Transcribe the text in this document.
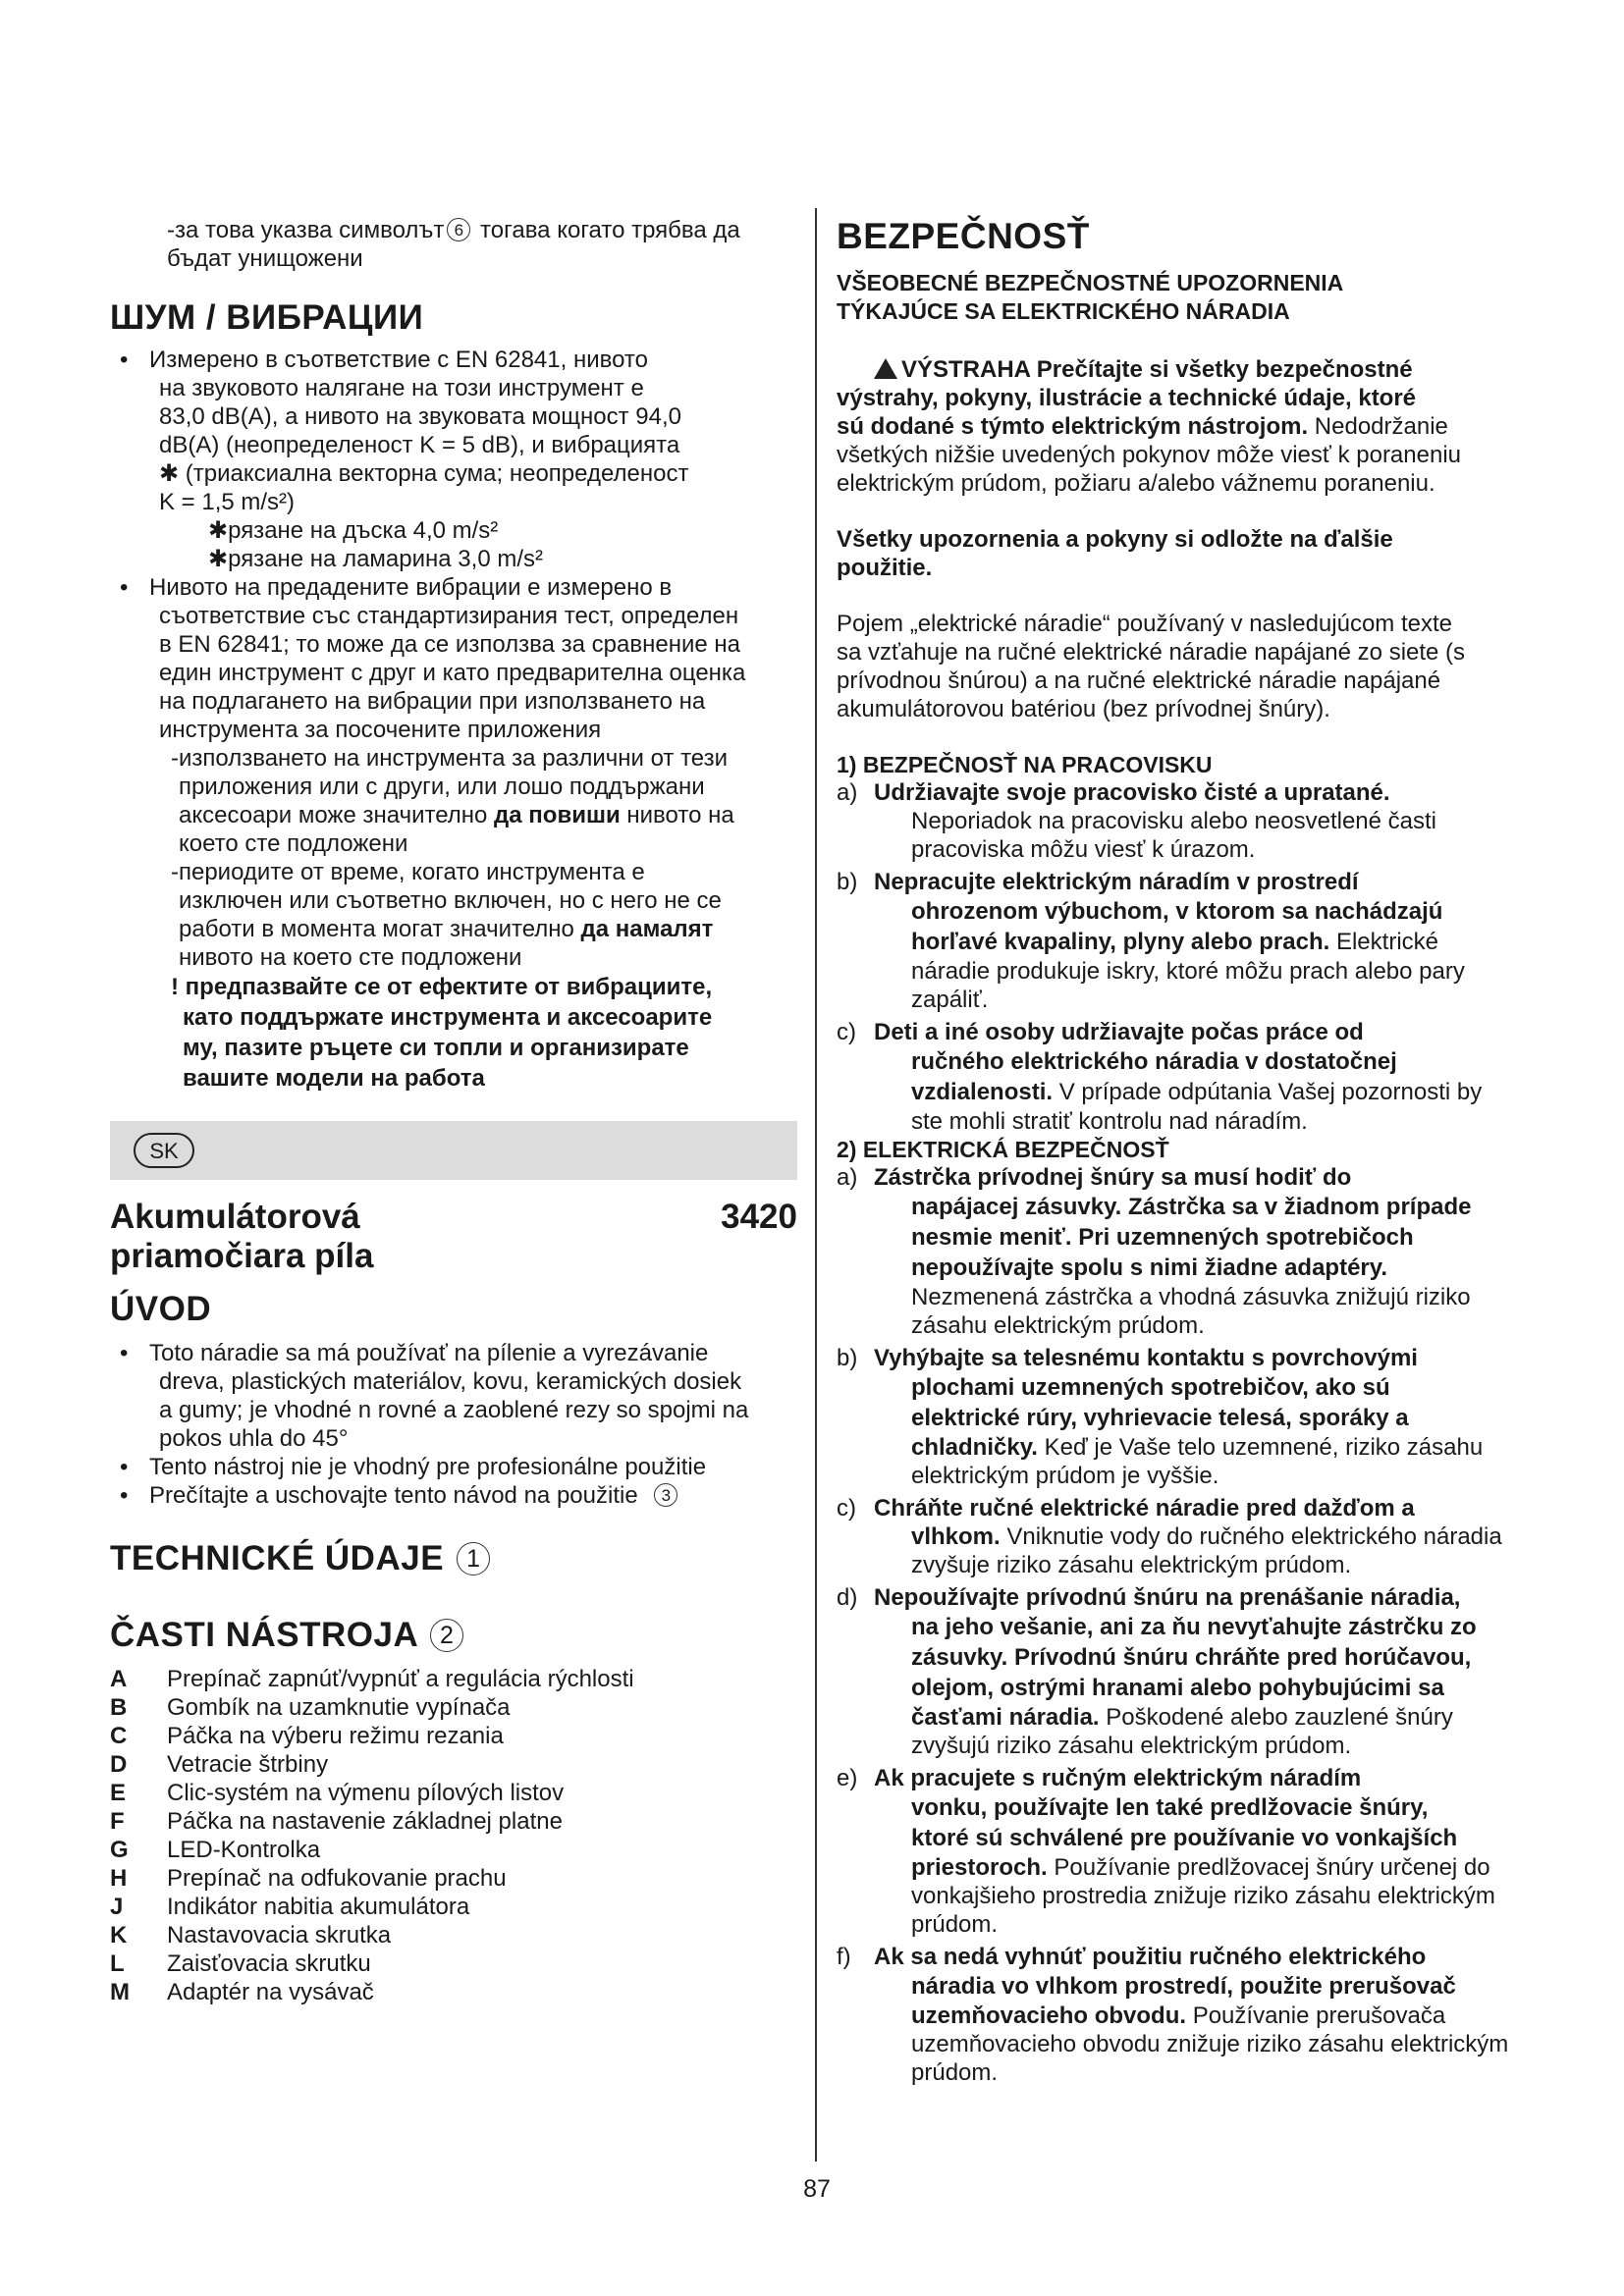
-за това указва символът 6 тогава когато трябва да
бъдат унищожени

ШУМ / ВИБРАЦИИ
• Измерено в съответствие с EN 62841, нивото
на звуковото налягане на този инструмент е
83,0 dB(A), а нивото на звуковата мощност 94,0
dB(A) (неопределеност K = 5 dB), и вибрацията
✱ (триаксиална векторна сума; неопределеност
K = 1,5 m/s²)
✱рязане на дъска 4,0 m/s²
✱рязане на ламарина 3,0 m/s²
• Нивото на предадените вибрации е измерено в
съответствие със стандартизирания тест, определен
в EN 62841; то може да се използва за сравнение на
един инструмент с друг и като предварителна оценка
на подлагането на вибрации при използването на
инструмента за посочените приложения
-използването на инструмента за различни от тези
приложения или с други, или лошо поддържани
аксесоари може значително да повиши нивото на
което сте подложени
-периодите от време, когато инструмента е
изключен или съответно включен, но с него не се
работи в момента могат значително да намалят
нивото на което сте подложени
! предпазвайте се от ефектите от вибрациите,
като поддържате инструмента и аксесоарите
му, пазите ръцете си топли и организирате
вашите модели на работа
SK
Akumulátorová
priamočiara píla
3420
ÚVOD
• Toto náradie sa má používať na pílenie a vyrezávanie
dreva, plastických materiálov, kovu, keramických dosiek
a gumy; je vhodné n rovné a zaoblené rezy so spojmi na
pokos uhla do 45°
• Tento nástroj nie je vhodný pre profesionálne použitie
• Prečítajte a uschovajte tento návod na použitie 3
TECHNICKÉ ÚDAJE 1
ČASTI NÁSTROJA 2
A	Prepínač zapnúť/vypnúť a regulácia rýchlosti
B	Gombík na uzamknutie vypínača
C	Páčka na výberu režimu rezania
D	Vetracie štrbiny
E	Clic-systém na výmenu pílových listov
F	Páčka na nastavenie základnej platne
G	LED-Kontrolka
H	Prepínač na odfukovanie prachu
J	Indikátor nabitia akumulátora
K	Nastavovacia skrutka
L	Zaisťovacia skrutku
M	Adaptér na vysávač
BEZPEČNOSŤ
VŠEOBECNÉ BEZPEČNOSTNÉ UPOZORNENIA
TÝKAJÚCE SA ELEKTRICKÉHO NÁRADIA

VÝSTRAHA Prečítajte si všetky bezpečnostné
výstrahy, pokyny, ilustrácie a technické údaje, ktoré
sú dodané s týmto elektrickým nástrojom. Nedodržanie
všetkých nižšie uvedených pokynov môže viesť k poraneniu
elektrickým prúdom, požiaru a/alebo vážnemu poraneniu.

Všetky upozornenia a pokyny si odložte na ďalšie
použitie.

Pojem „elektrické náradie“ používaný v nasledujúcom texte
sa vzťahuje na ručné elektrické náradie napájané zo siete (s
prívodnou šnúrou) a na ručné elektrické náradie napájané
akumulátorovou batériou (bez prívodnej šnúry).

1) BEZPEČNOSŤ NA PRACOVISKU
a) Udržiavajte svoje pracovisko čisté a upratané.

Neporiadok na pracovisku alebo neosvetlené časti
pracoviska môžu viesť k úrazom.
b) Nepracujte elektrickým náradím v prostredí
ohrozenom výbuchom, v ktorom sa nachádzajú
horľavé kvapaliny, plyny alebo prach. Elektrické
náradie produkuje iskry, ktoré môžu prach alebo pary
zapáliť.
c) Deti a iné osoby udržiavajte počas práce od
ručného elektrického náradia v dostatočnej
vzdialenosti. V prípade odpútania Vašej pozornosti by
ste mohli stratiť kontrolu nad náradím.
2) ELEKTRICKÁ BEZPEČNOSŤ
a) Zástrčka prívodnej šnúry sa musí hodiť do
napájacej zásuvky. Zástrčka sa v žiadnom prípade
nesmie meniť. Pri uzemnených spotrebičoch
nepoužívajte spolu s nimi žiadne adaptéry.
Nezmenená zástrčka a vhodná zásuvka znižujú riziko
zásahu elektrickým prúdom.
b) Vyhýbajte sa telesnému kontaktu s povrchovými
plochami uzemnených spotrebičov, ako sú
elektrické rúry, vyhrievacie telesá, sporáky a
chladničky. Keď je Vaše telo uzemnené, riziko zásahu
elektrickým prúdom je vyššie.
c) Chráňte ručné elektrické náradie pred dažďom a
vlhkom. Vniknutie vody do ručného elektrického náradia
zvyšuje riziko zásahu elektrickým prúdom.
d) Nepoužívajte prívodnú šnúru na prenášanie náradia,
na jeho vešanie, ani za ňu nevyťahujte zástrčku zo
zásuvky. Prívodnú šnúru chráňte pred horúčavou,
olejom, ostrými hranami alebo pohybujúcimi sa
časťami náradia. Poškodené alebo zauzlené šnúry
zvyšujú riziko zásahu elektrickým prúdom.
e) Ak pracujete s ručným elektrickým náradím
vonku, používajte len také predlžovacie šnúry,
ktoré sú schválené pre používanie vo vonkajších
priestoroch. Používanie predlžovacej šnúry určenej do
vonkajšieho prostredia znižuje riziko zásahu elektrickým
prúdom.
f) Ak sa nedá vyhnúť použitiu ručného elektrického
náradia vo vlhkom prostredí, použite prerušovač
uzemňovacieho obvodu. Používanie prerušovača
uzemňovacieho obvodu znižuje riziko zásahu elektrickým
prúdom.
87
